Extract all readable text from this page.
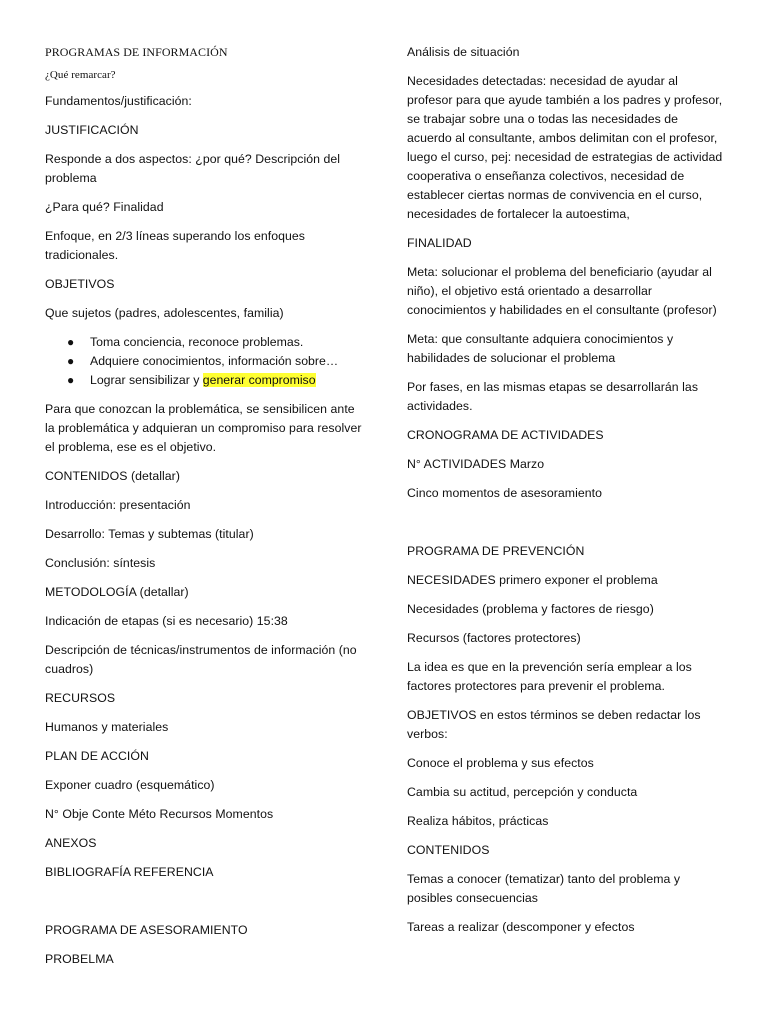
PROGRAMAS DE INFORMACIÓN

¿Qué remarcar?

Fundamentos/justificación:

JUSTIFICACIÓN

Responde a dos aspectos: ¿por qué? Descripción del problema

¿Para qué? Finalidad

Enfoque, en 2/3 líneas superando los enfoques tradicionales.

OBJETIVOS

Que sujetos (padres, adolescentes, familia)

● Toma conciencia, reconoce problemas.
● Adquiere conocimientos, información sobre…
● Lograr sensibilizar y generar compromiso

Para que conozcan la problemática, se sensibilicen ante la problemática y adquieran un compromiso para resolver el problema, ese es el objetivo.

CONTENIDOS (detallar)

Introducción: presentación

Desarrollo: Temas y subtemas (titular)

Conclusión: síntesis

METODOLOGÍA (detallar)

Indicación de etapas (si es necesario) 15:38

Descripción de técnicas/instrumentos de información (no cuadros)

RECURSOS

Humanos y materiales

PLAN DE ACCIÓN

Exponer cuadro (esquemático)

N° Obje Conte Méto Recursos Momentos

ANEXOS

BIBLIOGRAFÍA REFERENCIA

PROGRAMA DE ASESORAMIENTO

PROBELMA

Análisis de situación

Necesidades detectadas: necesidad de ayudar al profesor para que ayude también a los padres y profesor, se trabajar sobre una o todas las necesidades de acuerdo al consultante, ambos delimitan con el profesor, luego el curso, pej: necesidad de estrategias de actividad cooperativa o enseñanza colectivos, necesidad de establecer ciertas normas de convivencia en el curso, necesidades de fortalecer la autoestima,

FINALIDAD

Meta: solucionar el problema del beneficiario (ayudar al niño), el objetivo está orientado a desarrollar conocimientos y habilidades en el consultante (profesor)

Meta: que consultante adquiera conocimientos y habilidades de solucionar el problema

Por fases, en las mismas etapas se desarrollarán las actividades.

CRONOGRAMA DE ACTIVIDADES

N° ACTIVIDADES Marzo

Cinco momentos de asesoramiento

PROGRAMA DE PREVENCIÓN

NECESIDADES primero exponer el problema

Necesidades (problema y factores de riesgo)

Recursos (factores protectores)

La idea es que en la prevención sería emplear a los factores protectores para prevenir el problema.

OBJETIVOS en estos términos se deben redactar los verbos:

Conoce el problema y sus efectos

Cambia su actitud, percepción y conducta

Realiza hábitos, prácticas

CONTENIDOS

Temas a conocer (tematizar) tanto del problema y posibles consecuencias

Tareas a realizar (descomponer y efectos
